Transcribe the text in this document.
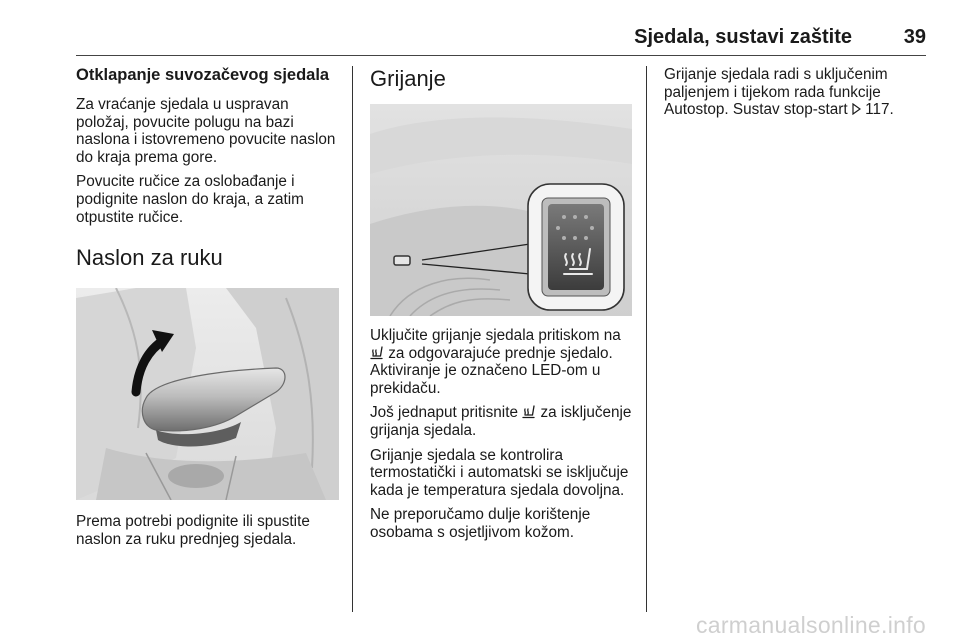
Sjedala, sustavi zaštite	39
Otklapanje suvozačevog sjedala

Za vraćanje sjedala u uspravan položaj, povucite polugu na bazi naslona i istovremeno povucite naslon do kraja prema gore.

Povucite ručice za oslobađanje i podignite naslon do kraja, a zatim otpustite ručice.

Naslon za ruku

Prema potrebi podignite ili spustite naslon za ruku prednjeg sjedala.

Grijanje

Uključite grijanje sjedala pritiskom na  za odgovarajuće prednje sjedalo. Aktiviranje je označeno LED-om u prekidaču.

Još jednaput pritisnite  za isključenje grijanja sjedala.

Grijanje sjedala se kontrolira termostatički i automatski se isključuje kada je temperatura sjedala dovoljna.

Ne preporučamo dulje korištenje osobama s osjetljivom kožom.

Grijanje sjedala radi s uključenim paljenjem i tijekom rada funkcije Autostop. Sustav stop-start  117.

carmanualsonline.info
